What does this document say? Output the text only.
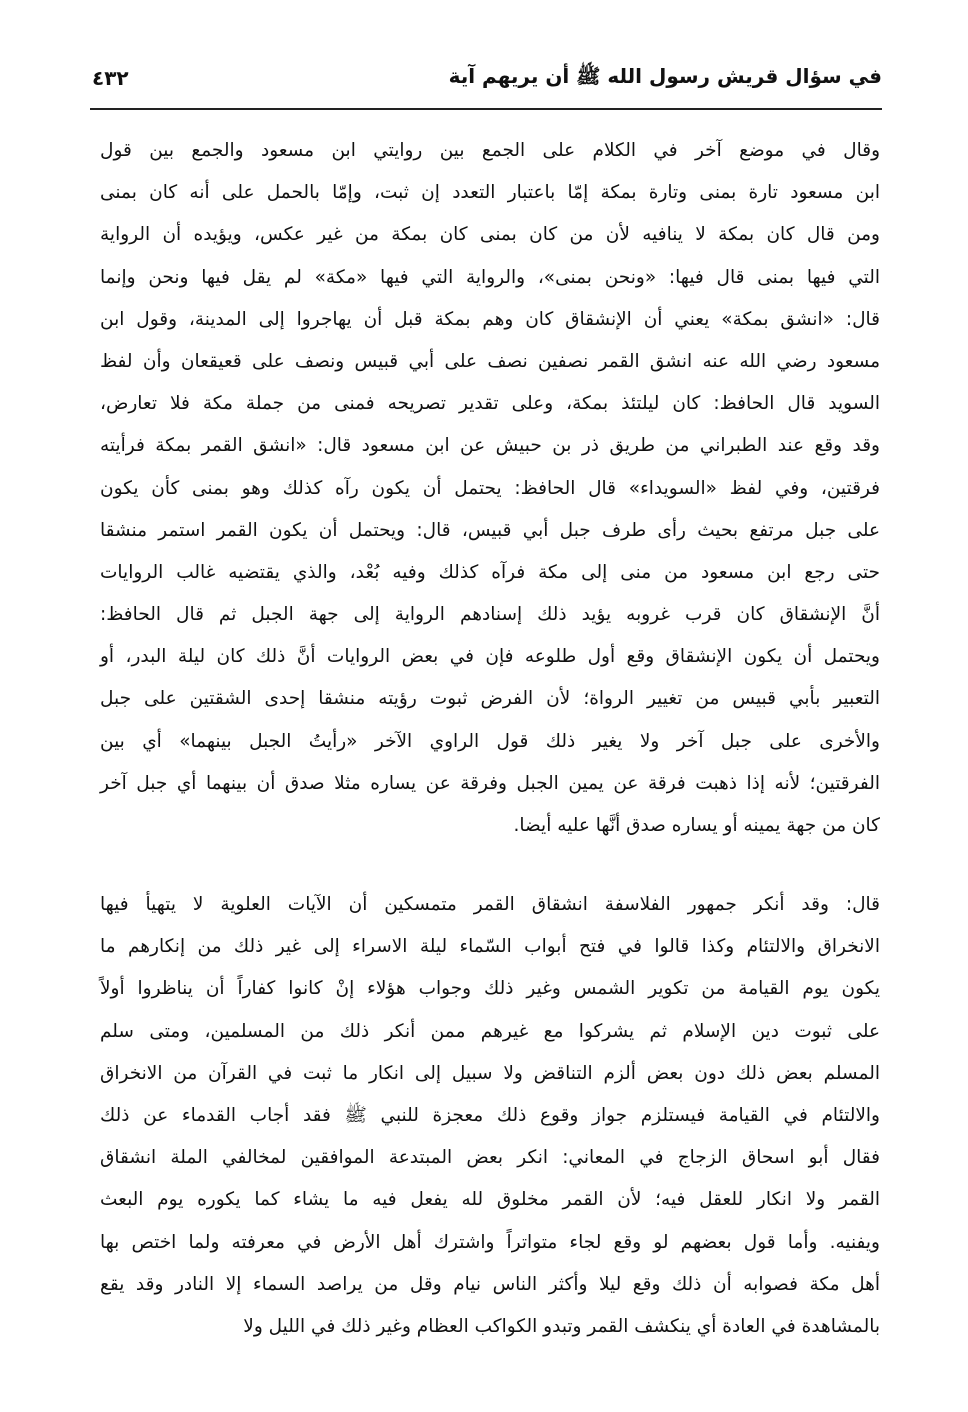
في سؤال قريش رسول الله ﷺ أن يريهم آية
٤٣٢
وقال في موضع آخر في الكلام على الجمع بين روايتي ابن مسعود والجمع بين قول
ابن مسعود تارة بمنى وتارة بمكة إمّا باعتبار التعدد إن ثبت، وإمّا بالحمل على أنه كان بمنى
ومن قال كان بمكة لا ينافيه لأن من كان بمنى كان بمكة من غير عكس، ويؤيده أن الرواية
التي فيها بمنى قال فيها: «ونحن بمنى»، والرواية التي فيها «مكة» لم يقل فيها ونحن وإنما
قال: «انشق بمكة» يعني أن الإنشقاق كان وهم بمكة قبل أن يهاجروا إلى المدينة، وقول ابن
مسعود رضي الله عنه انشق القمر نصفين نصف على أبي قبيس ونصف على قعيقعان وأن لفظ
السويد قال الحافظ: كان ليلتئذ بمكة، وعلى تقدير تصريحه فمنى من جملة مكة فلا تعارض،
وقد وقع عند الطبراني من طريق ذر بن حبيش عن ابن مسعود قال: «انشق القمر بمكة فرأيته
فرقتين، وفي لفظ «السويداء» قال الحافظ: يحتمل أن يكون رآه كذلك وهو بمنى كأن يكون
على جبل مرتفع بحيث رأى طرف جبل أبي قبيس، قال: ويحتمل أن يكون القمر استمر منشقا
حتى رجع ابن مسعود من منى إلى مكة فرآه كذلك وفيه بُعْد، والذي يقتضيه غالب الروايات
أنَّ الإنشقاق كان قرب غروبه يؤيد ذلك إسنادهم الرواية إلى جهة الجبل ثم قال الحافظ:
ويحتمل أن يكون الإنشقاق وقع أول طلوعه فإن في بعض الروايات أنَّ ذلك كان ليلة البدر، أو
التعبير بأبي قبيس من تغيير الرواة؛ لأن الفرض ثبوت رؤيته منشقا إحدى الشقتين على جبل
والأخرى على جبل آخر ولا يغير ذلك قول الراوي الآخر «رأيتُ الجبل بينهما» أي بين
الفرقتين؛ لأنه إذا ذهبت فرقة عن يمين الجبل وفرقة عن يساره مثلا صدق أن بينهما أي جبل آخر
كان من جهة يمينه أو يساره صدق أنَّها عليه أيضا.
قال: وقد أنكر جمهور الفلاسفة انشقاق القمر متمسكين أن الآيات العلوية لا يتهيأ فيها
الانخراق والالتئام وكذا قالوا في فتح أبواب السّماء ليلة الاسراء إلى غير ذلك من إنكارهم ما
يكون يوم القيامة من تكوير الشمس وغير ذلك وجواب هؤلاء إنْ كانوا كفاراً أن يناظروا أولاً
على ثبوت دين الإسلام ثم يشركوا مع غيرهم ممن أنكر ذلك من المسلمين، ومتى سلم
المسلم بعض ذلك دون بعض ألزم التناقض ولا سبيل إلى انكار ما ثبت في القرآن من الانخراق
والالتئام في القيامة فيستلزم جواز وقوع ذلك معجزة للنبي ﷺ فقد أجاب القدماء عن ذلك
فقال أبو اسحاق الزجاج في المعاني: انكر بعض المبتدعة الموافقين لمخالفي الملة انشقاق
القمر ولا انكار للعقل فيه؛ لأن القمر مخلوق لله يفعل فيه ما يشاء كما يكوره يوم البعث
ويفنيه. وأما قول بعضهم لو وقع لجاء متواتراً واشترك أهل الأرض في معرفته ولما اختص بها
أهل مكة فصوابه أن ذلك وقع ليلا وأكثر الناس نيام وقل من يراصد السماء إلا النادر وقد يقع
بالمشاهدة في العادة أي ينكشف القمر وتبدو الكواكب العظام وغير ذلك في الليل ولا
